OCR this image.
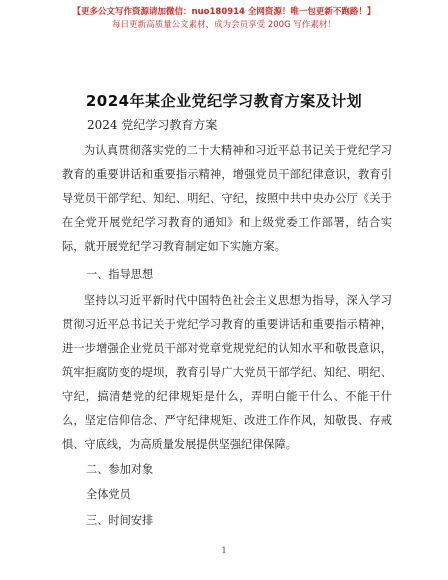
【更多公文写作资源请加微信：nuo180914 全网资源！唯一包更新不跑路！】
每日更新高质量公文素材，成为会员享受 200G 写作素材！
2024年某企业党纪学习教育方案及计划
2024 党纪学习教育方案
为认真贯彻落实党的二十大精神和习近平总书记关于党纪学习教育的重要讲话和重要指示精神，增强党员干部纪律意识，教育引导党员干部学纪、知纪、明纪、守纪，按照中共中央办公厅《关于在全党开展党纪学习教育的通知》和上级党委工作部署，结合实际，就开展党纪学习教育制定如下实施方案。
一、指导思想
坚持以习近平新时代中国特色社会主义思想为指导，深入学习贯彻习近平总书记关于党纪学习教育的重要讲话和重要指示精神，进一步增强企业党员干部对党章党规党纪的认知水平和敬畏意识，筑牢拒腐防变的堤坝，教育引导广大党员干部学纪、知纪、明纪、守纪，搞清楚党的纪律规矩是什么，弄明白能干什么、不能干什么，坚定信仰信念、严守纪律规矩、改进工作作风，知敬畏、存戒惧、守底线，为高质量发展提供坚强纪律保障。
二、参加对象
全体党员
三、时间安排
1
